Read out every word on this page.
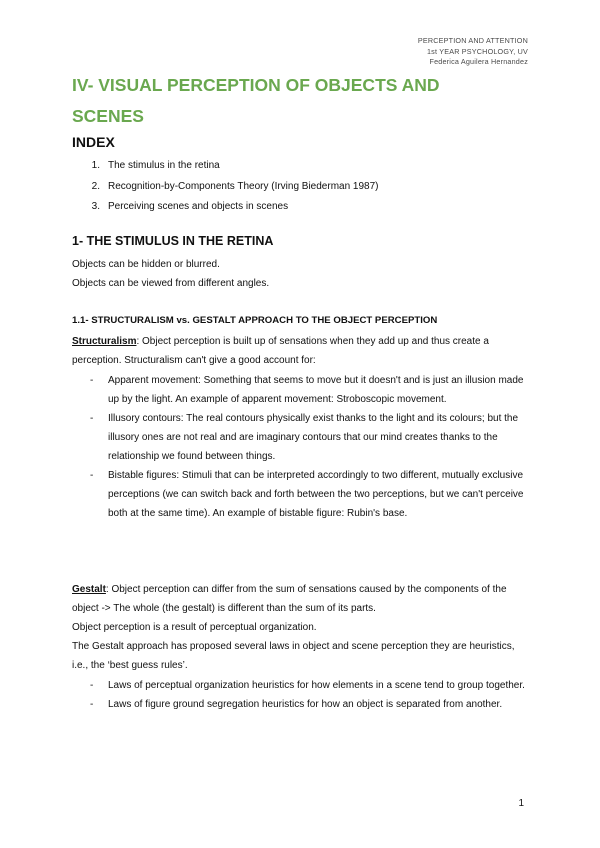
PERCEPTION AND ATTENTION
1st YEAR PSYCHOLOGY, UV
Federica Aguilera Hernandez
IV- VISUAL PERCEPTION OF OBJECTS AND SCENES
INDEX
1. The stimulus in the retina
2. Recognition-by-Components Theory (Irving Biederman 1987)
3. Perceiving scenes and objects in scenes
1- THE STIMULUS IN THE RETINA

Objects can be hidden or blurred.
Objects can be viewed from different angles.

1.1- STRUCTURALISM vs. GESTALT APPROACH TO THE OBJECT PERCEPTION

Structuralism: Object perception is built up of sensations when they add up and thus create a perception. Structuralism can't give a good account for:

-	Apparent movement: Something that seems to move but it doesn't and is just an illusion made up by the light. An example of apparent movement: Stroboscopic movement.
-	Illusory contours: The real contours physically exist thanks to the light and its colours; but the illusory ones are not real and are imaginary contours that our mind creates thanks to the relationship we found between things.
-	Bistable figures: Stimuli that can be interpreted accordingly to two different, mutually exclusive perceptions (we can switch back and forth between the two perceptions, but we can't perceive both at the same time). An example of bistable figure: Rubin's base.

Gestalt: Object perception can differ from the sum of sensations caused by the components of the object -> The whole (the gestalt) is different than the sum of its parts.
Object perception is a result of perceptual organization.
The Gestalt approach has proposed several laws in object and scene perception they are heuristics, i.e., the ‘best guess rules’.

-	Laws of perceptual organization heuristics for how elements in a scene tend to group together.
-	Laws of figure ground segregation heuristics for how an object is separated from another.
1
